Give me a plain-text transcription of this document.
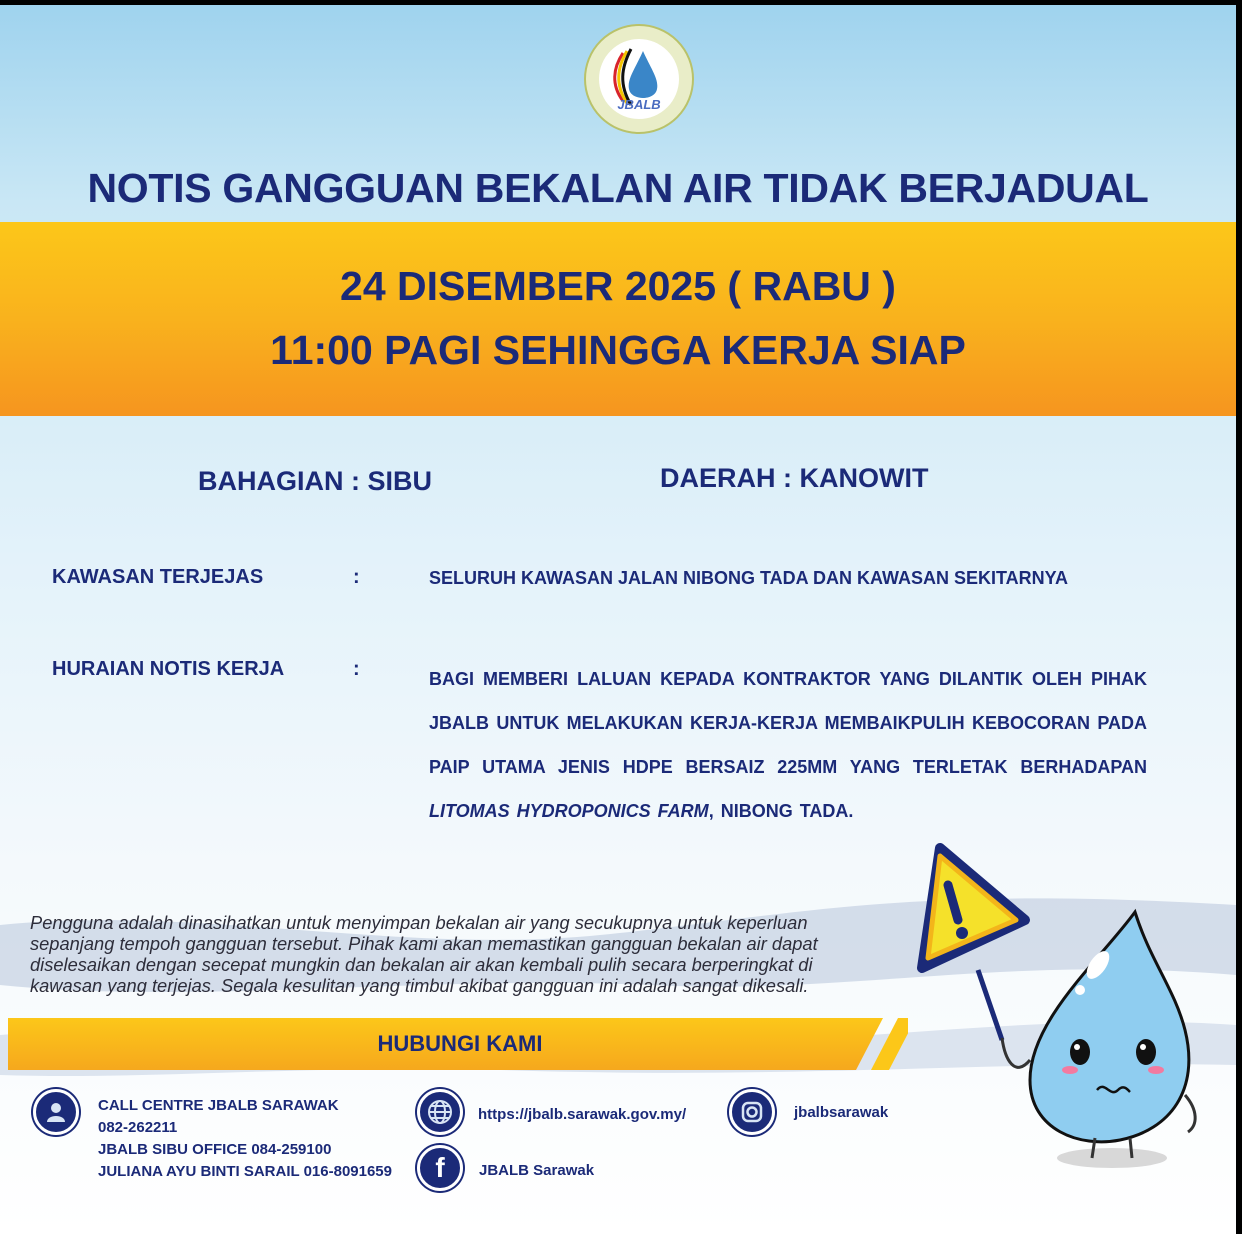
JBALB
NOTIS GANGGUAN BEKALAN AIR TIDAK BERJADUAL
24 DISEMBER 2025 ( RABU )
11:00 PAGI SEHINGGA KERJA SIAP
BAHAGIAN : SIBU	DAERAH : KANOWIT
KAWASAN TERJEJAS	:	SELURUH KAWASAN JALAN NIBONG TADA DAN KAWASAN SEKITARNYA
HURAIAN NOTIS KERJA	:	BAGI MEMBERI LALUAN KEPADA KONTRAKTOR YANG DILANTIK OLEH PIHAK JBALB UNTUK MELAKUKAN KERJA-KERJA MEMBAIKPULIH KEBOCORAN PADA PAIP UTAMA JENIS HDPE BERSAIZ 225MM YANG TERLETAK BERHADAPAN LITOMAS HYDROPONICS FARM, NIBONG TADA.
Pengguna adalah dinasihatkan untuk menyimpan bekalan air yang secukupnya untuk keperluan
sepanjang tempoh gangguan tersebut. Pihak kami akan memastikan gangguan bekalan air dapat
diselesaikan dengan secepat mungkin dan bekalan air akan kembali pulih secara berperingkat di
kawasan yang terjejas. Segala kesulitan yang timbul akibat gangguan ini adalah sangat dikesali.
HUBUNGI KAMI
CALL CENTRE JBALB SARAWAK
082-262211
JBALB SIBU OFFICE 084-259100
JULIANA AYU BINTI SARAIL 016-8091659
https://jbalb.sarawak.gov.my/
f JBALB Sarawak
jbalbsarawak
